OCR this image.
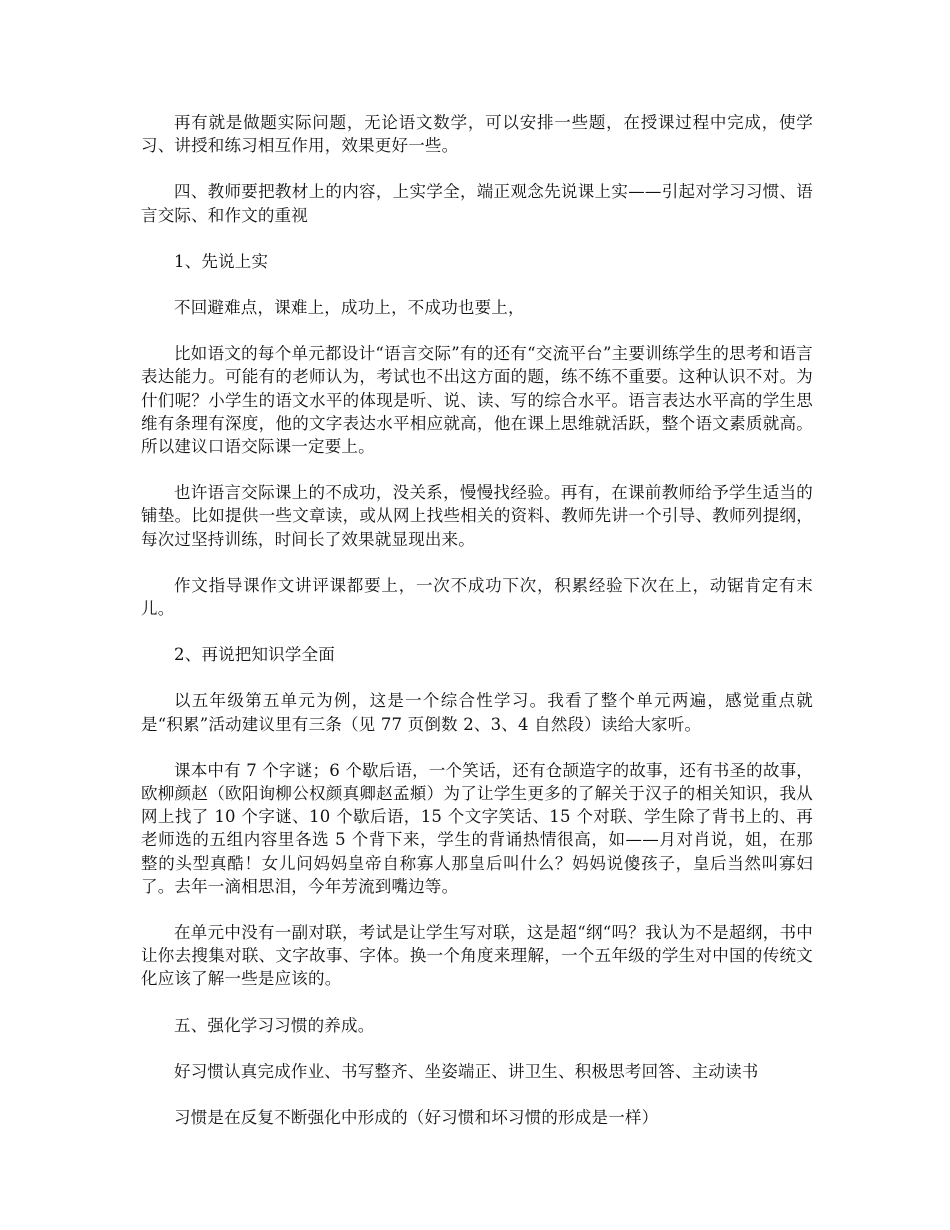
再有就是做题实际问题，无论语文数学，可以安排一些题，在授课过程中完成，使学习、讲授和练习相互作用，效果更好一些。

四、教师要把教材上的内容，上实学全，端正观念先说课上实——引起对学习习惯、语言交际、和作文的重视

1、先说上实

不回避难点，课难上，成功上，不成功也要上，

比如语文的每个单元都设计“语言交际”有的还有“交流平台”主要训练学生的思考和语言表达能力。可能有的老师认为，考试也不出这方面的题，练不练不重要。这种认识不对。为什们呢？小学生的语文水平的体现是听、说、读、写的综合水平。语言表达水平高的学生思维有条理有深度，他的文字表达水平相应就高，他在课上思维就活跃，整个语文素质就高。所以建议口语交际课一定要上。

也许语言交际课上的不成功，没关系，慢慢找经验。再有，在课前教师给予学生适当的铺垫。比如提供一些文章读，或从网上找些相关的资料、教师先讲一个引导、教师列提纲，每次过坚持训练，时间长了效果就显现出来。

作文指导课作文讲评课都要上，一次不成功下次，积累经验下次在上，动锯肯定有末儿。

2、再说把知识学全面

以五年级第五单元为例，这是一个综合性学习。我看了整个单元两遍，感觉重点就是“积累”活动建议里有三条（见 77 页倒数 2、3、4 自然段）读给大家听。

课本中有 7 个字谜；6 个歇后语，一个笑话，还有仓颉造字的故事，还有书圣的故事，欧柳颜赵（欧阳询柳公权颜真卿赵孟頫）为了让学生更多的了解关于汉子的相关知识，我从网上找了 10 个字谜、10 个歇后语，15 个文字笑话、15 个对联、学生除了背书上的、再老师选的五组内容里各选 5 个背下来，学生的背诵热情很高，如——月对肖说，姐，在那整的头型真酷！女儿问妈妈皇帝自称寡人那皇后叫什么？妈妈说傻孩子，皇后当然叫寡妇了。去年一滴相思泪，今年芳流到嘴边等。

在单元中没有一副对联，考试是让学生写对联，这是超“纲“吗？我认为不是超纲，书中让你去搜集对联、文字故事、字体。换一个角度来理解，一个五年级的学生对中国的传统文化应该了解一些是应该的。

五、强化学习习惯的养成。

好习惯认真完成作业、书写整齐、坐姿端正、讲卫生、积极思考回答、主动读书

习惯是在反复不断强化中形成的（好习惯和坏习惯的形成是一样）
